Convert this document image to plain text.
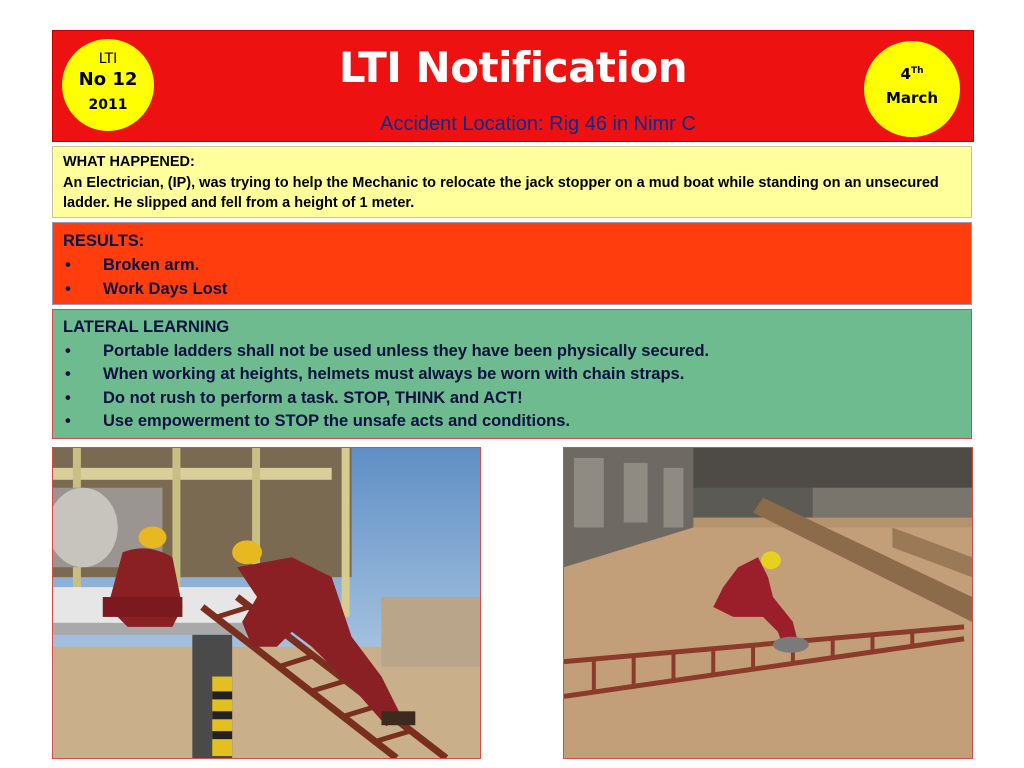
LTI
No 12
2011
LTI Notification
Accident Location: Rig 46 in Nimr C
4Th
March
WHAT HAPPENED:
An Electrician, (IP), was trying to help the Mechanic to relocate the jack stopper on a mud boat while standing on an unsecured ladder. He slipped and fell from a height of 1 meter.
RESULTS:
•	Broken arm.
•	Work Days Lost
LATERAL LEARNING
•	Portable ladders shall not be used unless they have been physically secured.
•	When working at heights, helmets must always be worn with chain straps.
•	Do not rush to perform a task. STOP, THINK and ACT!
•	Use empowerment to STOP the unsafe acts and conditions.
